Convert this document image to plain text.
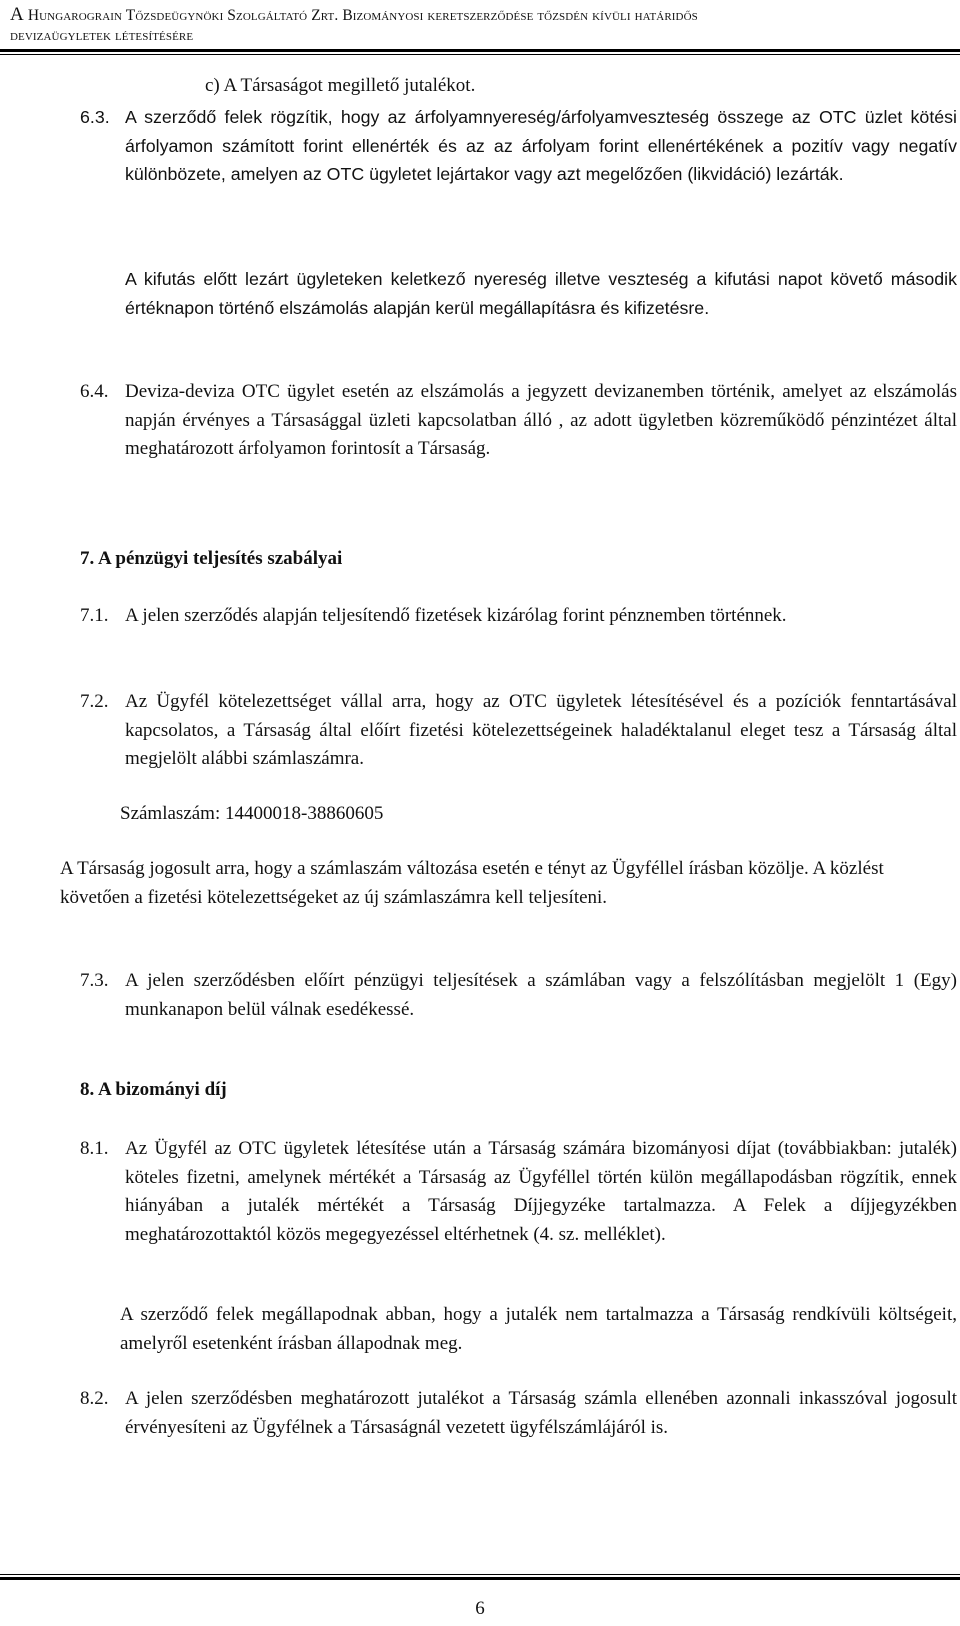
A Hungarograin Tőzsdeügynöki Szolgáltató Zrt. Bizományosi keretszerződése tőzsdén kívüli határidős
devizaügyletek létesítésére
c) A Társaságot megillető jutalékot.
6.3. A szerződő felek rögzítik, hogy az árfolyamnyereség/árfolyamveszteség összege az OTC üzlet kötési árfolyamon számított forint ellenérték és az az árfolyam forint ellenértékének a pozitív vagy negatív különbözete, amelyen az OTC ügyletet lejártakor vagy azt megelőzően (likvidáció) lezárták.
A kifutás előtt lezárt ügyleteken keletkező nyereség illetve veszteség a kifutási napot követő második értéknapon történő elszámolás alapján kerül megállapításra és kifizetésre.
6.4. Deviza-deviza OTC ügylet esetén az elszámolás a jegyzett devizanemben történik, amelyet az elszámolás napján érvényes a Társasággal üzleti kapcsolatban álló , az adott ügyletben közreműködő pénzintézet által meghatározott árfolyamon forintosít a Társaság.
7. A pénzügyi teljesítés szabályai
7.1. A jelen szerződés alapján teljesítendő fizetések kizárólag forint pénznemben történnek.
7.2. Az Ügyfél kötelezettséget vállal arra, hogy az OTC ügyletek létesítésével és a pozíciók fenntartásával kapcsolatos, a Társaság által előírt fizetési kötelezettségeinek haladéktalanul eleget tesz a Társaság által megjelölt alábbi számlaszámra.
Számlaszám: 14400018-38860605
A Társaság jogosult arra, hogy a számlaszám változása esetén e tényt az Ügyféllel írásban közölje. A közlést követően a fizetési kötelezettségeket az új számlaszámra kell teljesíteni.
7.3. A jelen szerződésben előírt pénzügyi teljesítések a számlában vagy a felszólításban megjelölt 1 (Egy) munkanapon belül válnak esedékessé.
8. A bizományi díj
8.1. Az Ügyfél az OTC ügyletek létesítése után a Társaság számára bizományosi díjat (továbbiakban: jutalék) köteles fizetni, amelynek mértékét a Társaság az Ügyféllel történ külön megállapodásban rögzítik, ennek hiányában a jutalék mértékét a Társaság Díjjegyzéke tartalmazza. A Felek a díjjegyzékben meghatározottaktól közös megegyezéssel eltérhetnek (4. sz. melléklet).
A szerződő felek megállapodnak abban, hogy a jutalék nem tartalmazza a Társaság rendkívüli költségeit, amelyről esetenként írásban állapodnak meg.
8.2. A jelen szerződésben meghatározott jutalékot a Társaság számla ellenében azonnali inkasszóval jogosult érvényesíteni az Ügyfélnek a Társaságnál vezetett ügyfélszámlájáról is.
6
